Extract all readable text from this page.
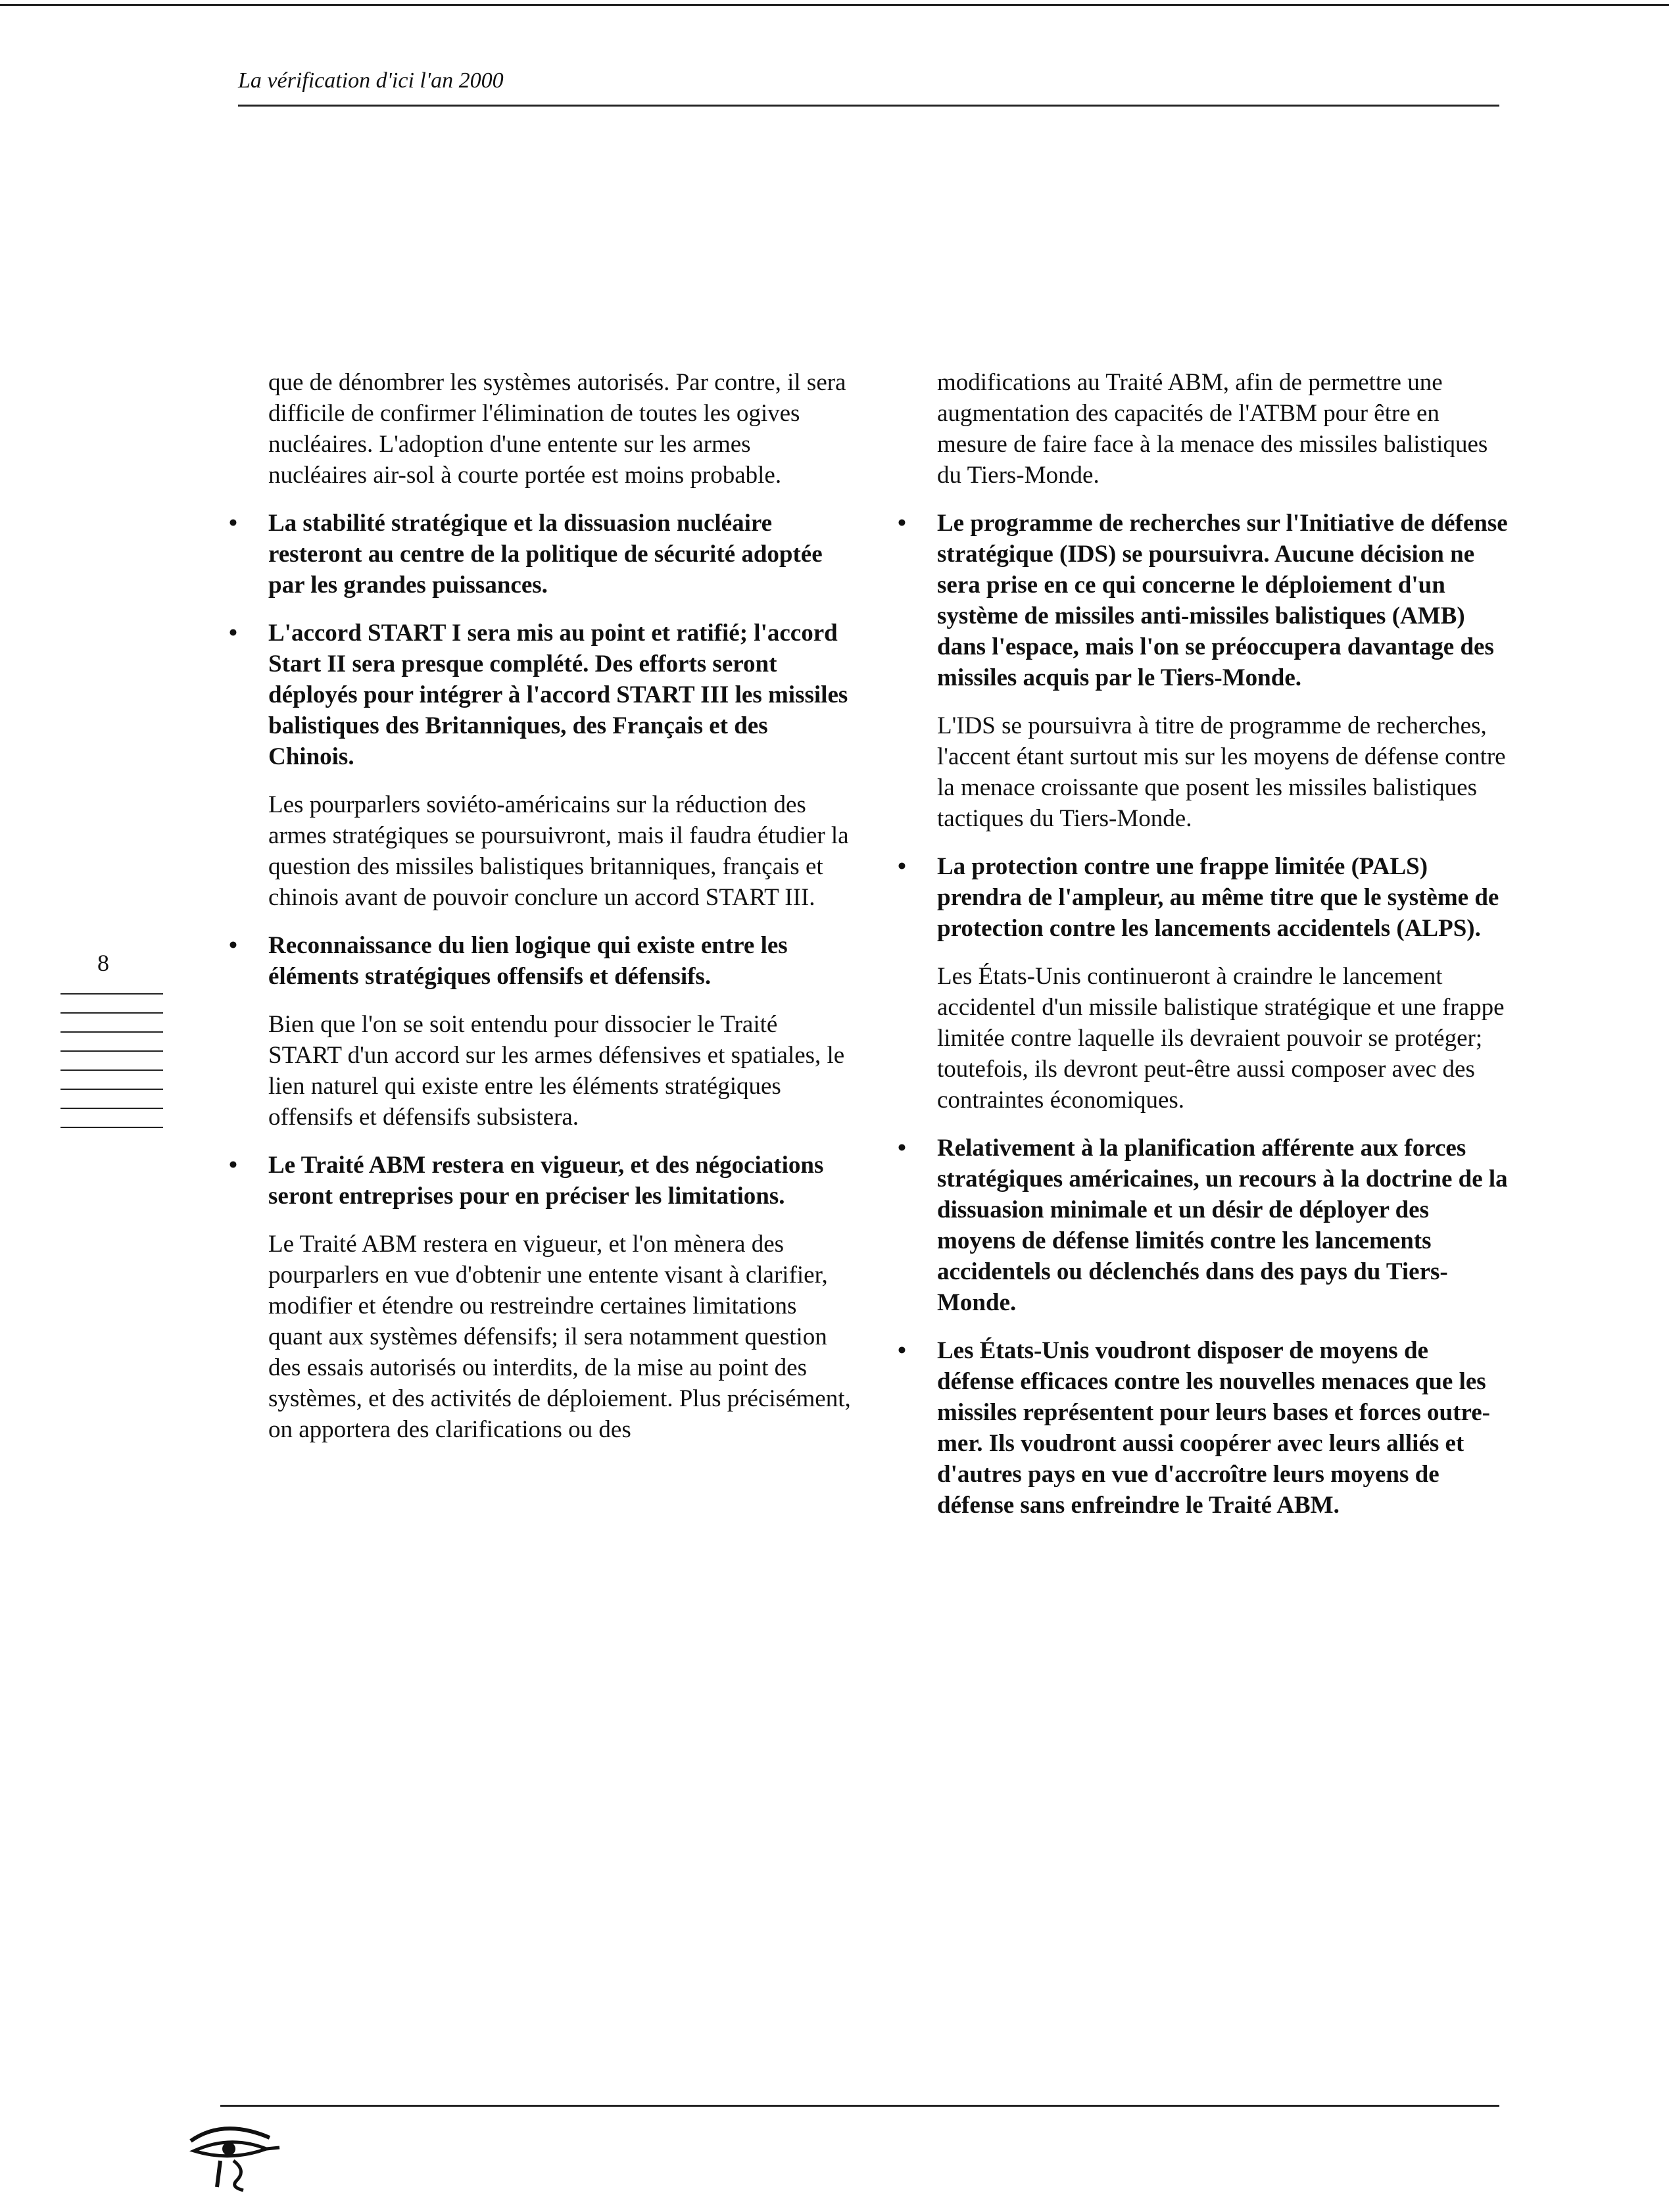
La vérification d'ici l'an 2000
8
que de dénombrer les systèmes autorisés. Par contre, il sera difficile de confirmer l'élimination de toutes les ogives nucléaires. L'adoption d'une entente sur les armes nucléaires air-sol à courte portée est moins probable.
• La stabilité stratégique et la dissuasion nucléaire resteront au centre de la politique de sécurité adoptée par les grandes puissances.
• L'accord START I sera mis au point et ratifié; l'accord Start II sera presque complété. Des efforts seront déployés pour intégrer à l'accord START III les missiles balistiques des Britanniques, des Français et des Chinois.
Les pourparlers soviéto-américains sur la réduction des armes stratégiques se poursuivront, mais il faudra étudier la question des missiles balistiques britanniques, français et chinois avant de pouvoir conclure un accord START III.
• Reconnaissance du lien logique qui existe entre les éléments stratégiques offensifs et défensifs.
Bien que l'on se soit entendu pour dissocier le Traité START d'un accord sur les armes défensives et spatiales, le lien naturel qui existe entre les éléments stratégiques offensifs et défensifs subsistera.
• Le Traité ABM restera en vigueur, et des négociations seront entreprises pour en préciser les limitations.
Le Traité ABM restera en vigueur, et l'on mènera des pourparlers en vue d'obtenir une entente visant à clarifier, modifier et étendre ou restreindre certaines limitations quant aux systèmes défensifs; il sera notamment question des essais autorisés ou interdits, de la mise au point des systèmes, et des activités de déploiement. Plus précisément, on apportera des clarifications ou des
modifications au Traité ABM, afin de permettre une augmentation des capacités de l'ATBM pour être en mesure de faire face à la menace des missiles balistiques du Tiers-Monde.
• Le programme de recherches sur l'Initiative de défense stratégique (IDS) se poursuivra. Aucune décision ne sera prise en ce qui concerne le déploiement d'un système de missiles anti-missiles balistiques (AMB) dans l'espace, mais l'on se préoccupera davantage des missiles acquis par le Tiers-Monde.
L'IDS se poursuivra à titre de programme de recherches, l'accent étant surtout mis sur les moyens de défense contre la menace croissante que posent les missiles balistiques tactiques du Tiers-Monde.
• La protection contre une frappe limitée (PALS) prendra de l'ampleur, au même titre que le système de protection contre les lancements accidentels (ALPS).
Les États-Unis continueront à craindre le lancement accidentel d'un missile balistique stratégique et une frappe limitée contre laquelle ils devraient pouvoir se protéger; toutefois, ils devront peut-être aussi composer avec des contraintes économiques.
• Relativement à la planification afférente aux forces stratégiques américaines, un recours à la doctrine de la dissuasion minimale et un désir de déployer des moyens de défense limités contre les lancements accidentels ou déclenchés dans des pays du Tiers-Monde.
• Les États-Unis voudront disposer de moyens de défense efficaces contre les nouvelles menaces que les missiles représentent pour leurs bases et forces outre-mer. Ils voudront aussi coopérer avec leurs alliés et d'autres pays en vue d'accroître leurs moyens de défense sans enfreindre le Traité ABM.
